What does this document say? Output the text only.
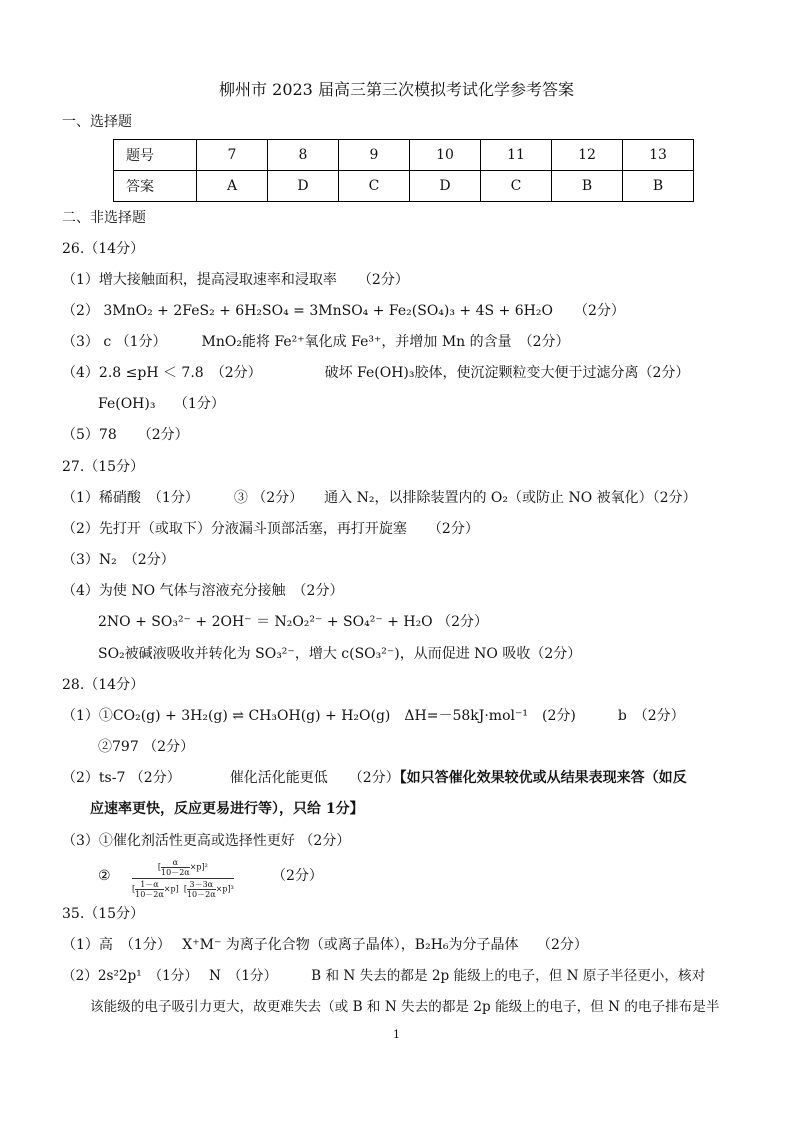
柳州市 2023 届高三第三次模拟考试化学参考答案
一、选择题
题号	7	8	9	10	11	12	13
答案	A	D	C	D	C	B	B
二、非选择题
26.（14分）
（1）增大接触面积，提高浸取速率和浸取率　　（2分）
（2） 3MnO₂ + 2FeS₂ + 6H₂SO₄ = 3MnSO₄ + Fe₂(SO₄)₃ + 4S + 6H₂O　　（2分）
（3） c （1分）　　　MnO₂能将 Fe²⁺氧化成 Fe³⁺，并增加 Mn 的含量　（2分）
（4）2.8 ≤pH ＜ 7.8　（2分）　　　　　破坏 Fe(OH)₃胶体，使沉淀颗粒变大便于过滤分离（2分）
Fe(OH)₃　 （1分）
（5）78　　（2分）
27.（15分）
（1）稀硝酸　（1分）　　　③ （2分）　　通入 N₂，以排除装置内的 O₂（或防止 NO 被氧化）（2分）
（2）先打开（或取下）分液漏斗顶部活塞，再打开旋塞　　（2分）
（3）N₂　（2分）
（4）为使 NO 气体与溶液充分接触　（2分）
2NO + SO₃²⁻ + 2OH⁻ ＝ N₂O₂²⁻ + SO₄²⁻ + H₂O （2分）
SO₂被碱液吸收并转化为 SO₃²⁻，增大 c(SO₃²⁻)，从而促进 NO 吸收（2分）
28.（14分）
（1）①CO₂(g) + 3H₂(g) ⇌ CH₃OH(g) + H₂O(g)　ΔH=－58kJ·mol⁻¹　(2分)　　　b　（2分）
②797 （2分）
（2）ts-7 （2分）　　　　催化活化能更低　　（2分）【如只答催化效果较优或从结果表现来答（如反
应速率更快，反应更易进行等），只给 1分】
（3）①催化剂活性更高或选择性更好 （2分）
②	$\frac{[ \frac{\alpha}{10-2\alpha} \times p]^2}{[ \frac{1-\alpha}{10-2\alpha} \times p] [ \frac{3-3\alpha}{10-2\alpha} \times p]^3}$	（2分）
35.（15分）
（1）高　（1分）　 X⁺M⁻ 为离子化合物（或离子晶体），B₂H₆为分子晶体　 （2分）
（2）2s²2p¹　（1分）　 N　（1分）　　　B 和 N 失去的都是 2p 能级上的电子，但 N 原子半径更小，核对
该能级的电子吸引力更大，故更难失去（或 B 和 N 失去的都是 2p 能级上的电子，但 N 的电子排布是半
1
